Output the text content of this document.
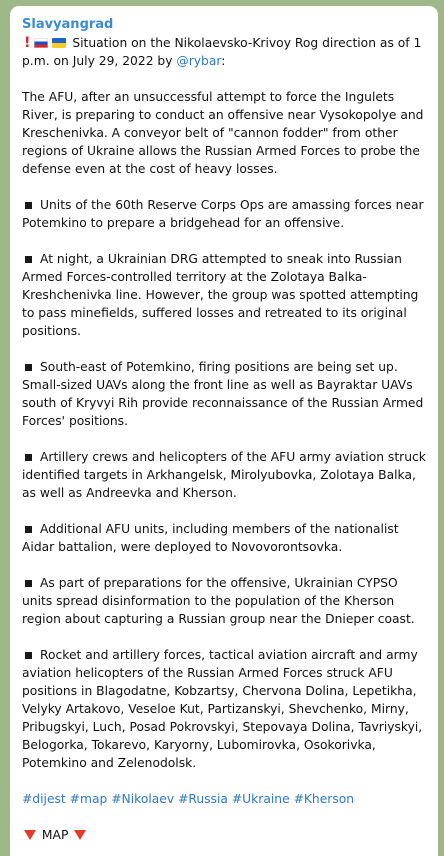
Slavyangrad

!	Situation on the Nikolaevsko-Krivoy Rog direction as of 1 p.m. on July 29, 2022 by @rybar:

The AFU, after an unsuccessful attempt to force the Ingulets River, is preparing to conduct an offensive near Vysokopolye and Kreschenivka. A conveyor belt of "cannon fodder" from other regions of Ukraine allows the Russian Armed Forces to probe the defense even at the cost of heavy losses.

Units of the 60th Reserve Corps Ops are amassing forces near Potemkino to prepare a bridgehead for an offensive.

At night, a Ukrainian DRG attempted to sneak into Russian Armed Forces-controlled territory at the Zolotaya Balka-Kreshchenivka line. However, the group was spotted attempting to pass minefields, suffered losses and retreated to its original positions.

South-east of Potemkino, firing positions are being set up. Small-sized UAVs along the front line as well as Bayraktar UAVs south of Kryvyi Rih provide reconnaissance of the Russian Armed Forces' positions.

Artillery crews and helicopters of the AFU army aviation struck identified targets in Arkhangelsk, Mirolyubovka, Zolotaya Balka, as well as Andreevka and Kherson.

Additional AFU units, including members of the nationalist Aidar battalion, were deployed to Novovorontsovka.

As part of preparations for the offensive, Ukrainian CYPSO units spread disinformation to the population of the Kherson region about capturing a Russian group near the Dnieper coast.

Rocket and artillery forces, tactical aviation aircraft and army aviation helicopters of the Russian Armed Forces struck AFU positions in Blagodatne, Kobzartsy, Chervona Dolina, Lepetikha, Velyky Artakovo, Veseloe Kut, Partizanskyi, Shevchenko, Mirny, Pribugskyi, Luch, Posad Pokrovskyi, Stepovaya Dolina, Tavriyskyi, Belogorka, Tokarevo, Karyorny, Lubomirovka, Osokorivka, Potemkino and Zelenodolsk.

#dijest #map #Nikolaev #Russia #Ukraine #Kherson

MAP
